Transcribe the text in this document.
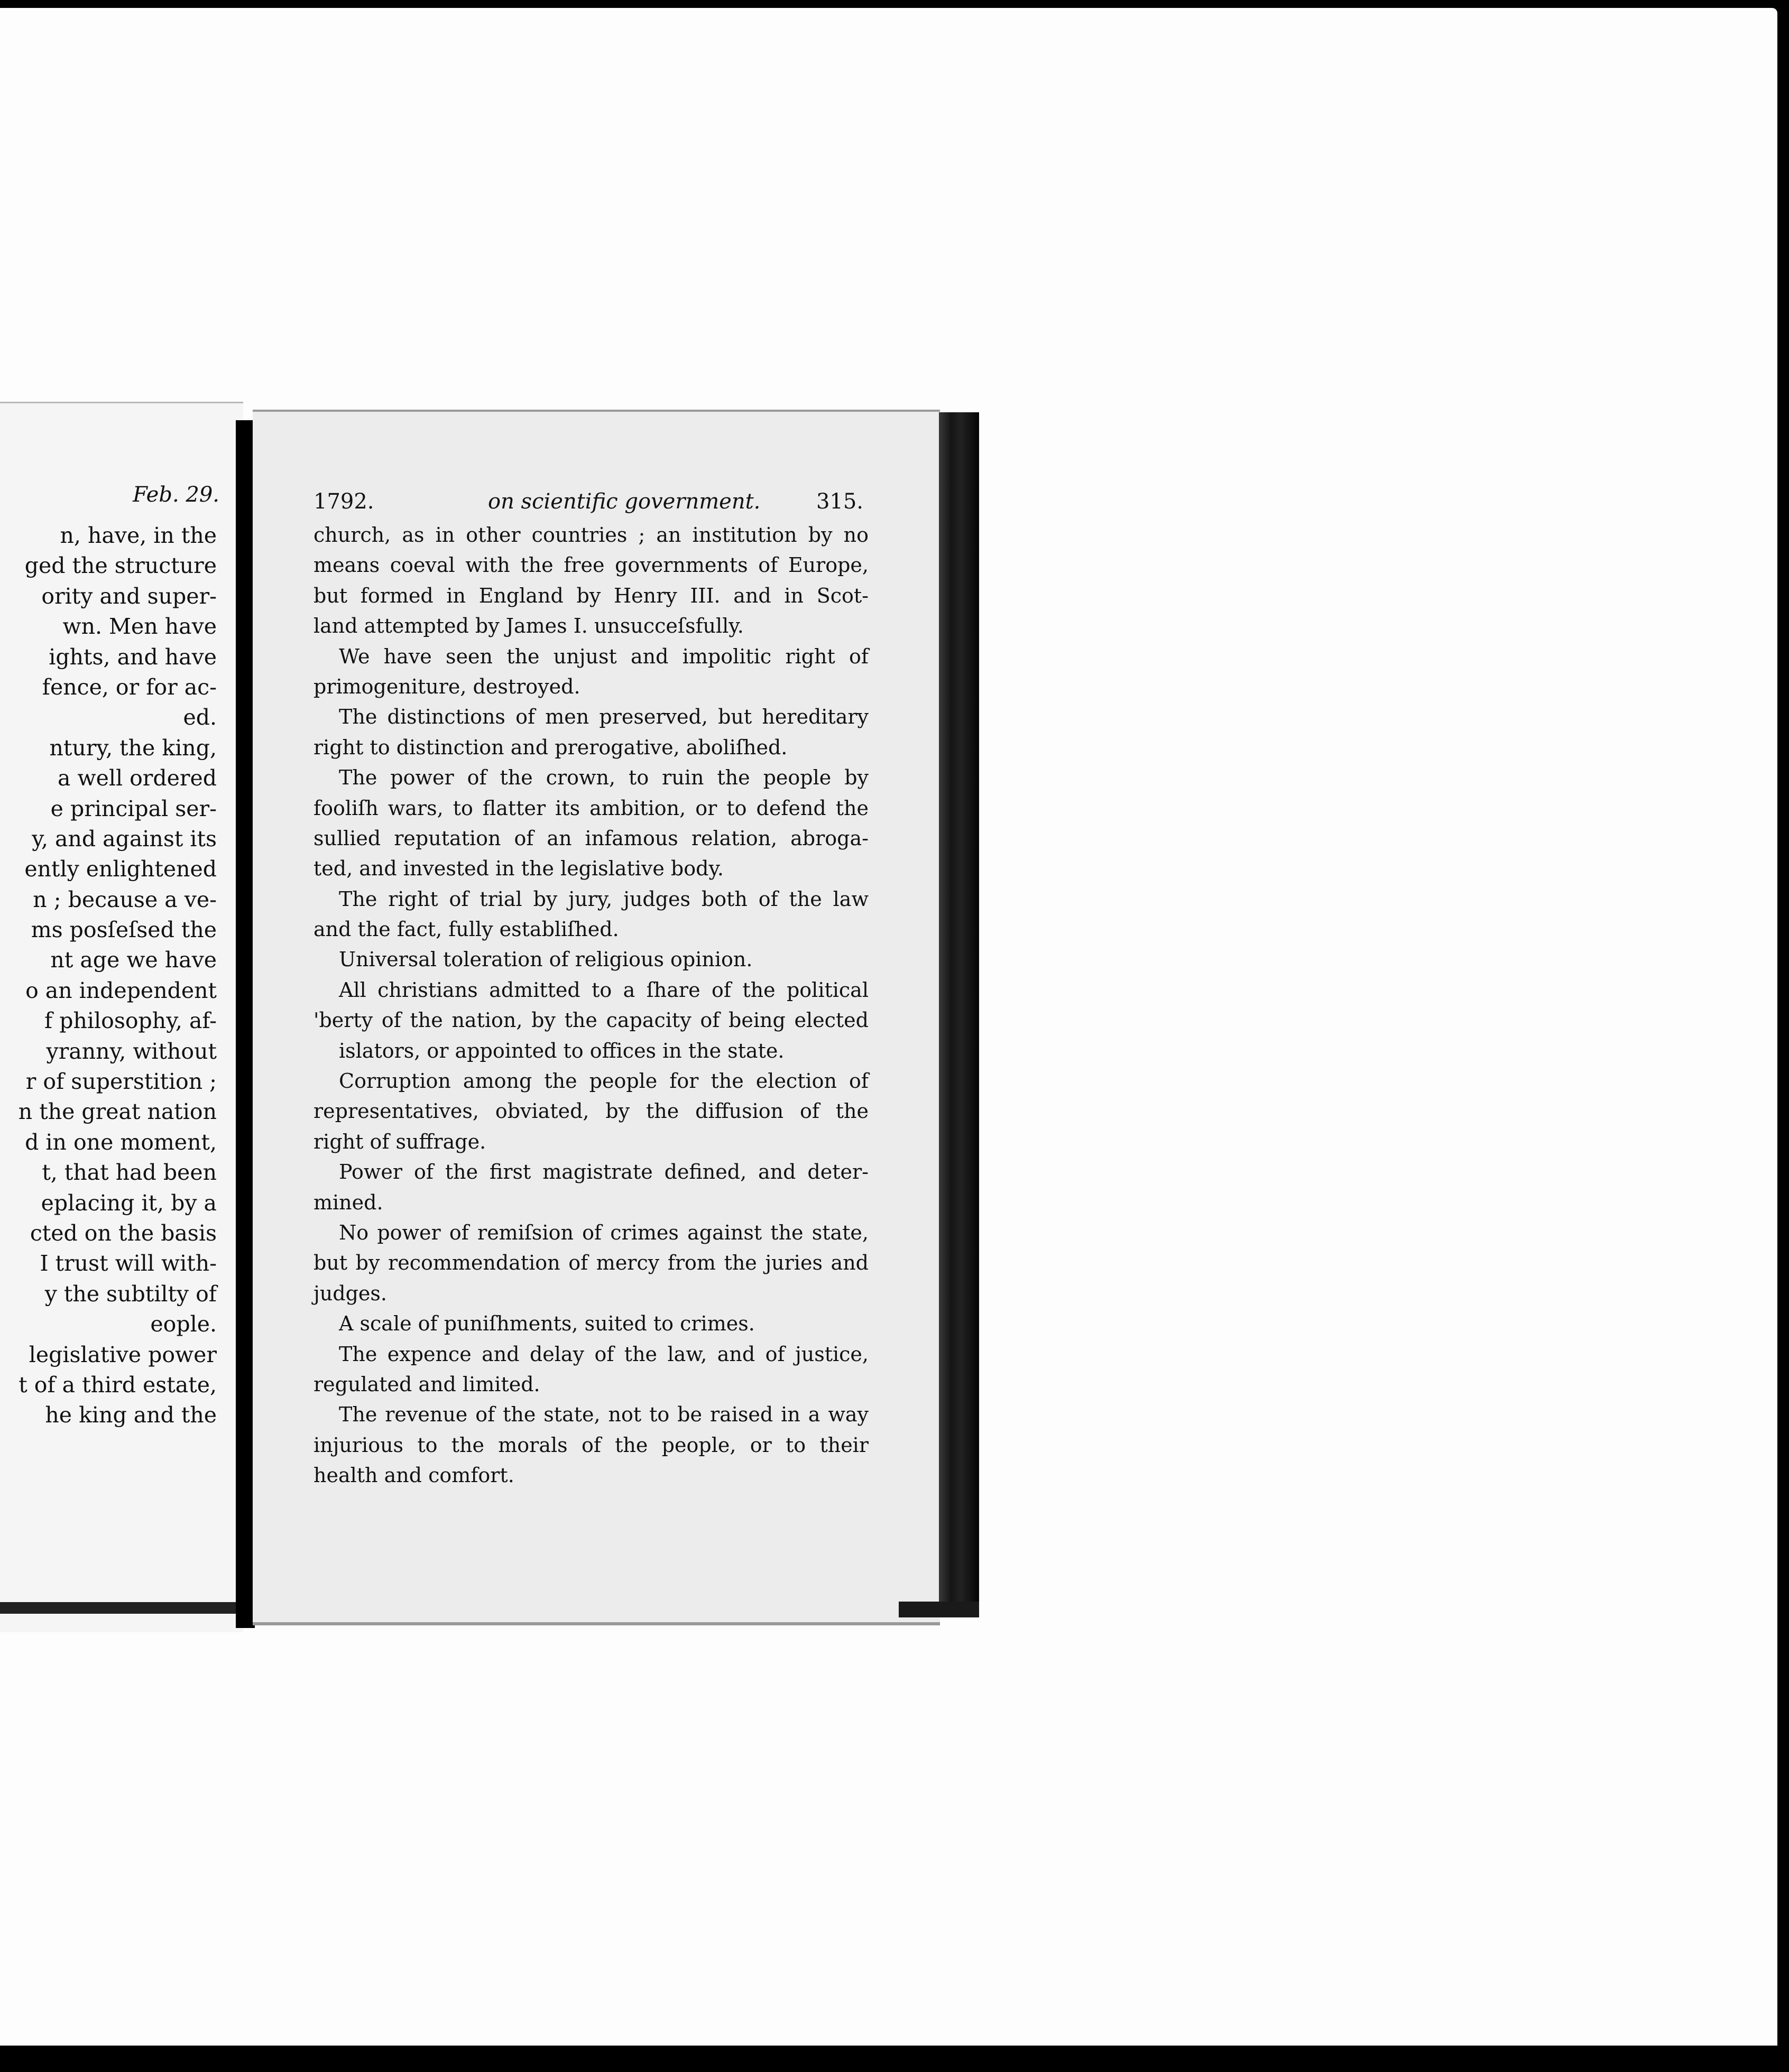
Feb. 29.
n, have, in the
ged the structure
ority and super-
wn. Men have
ights, and have
fence, or for ac-
ed.
ntury, the king,
a well ordered
e principal ser-
y, and against its
ently enlightened
n ; because a ve-
ms posſeſsed the
nt age we have
o an independent
f philosophy, af-
yranny, without
r of superstition ;
n the great nation
d in one moment,
t, that had been
eplacing it, by a
cted on the basis
I trust will with-
y the subtilty of
eople.
legislative power
t of a third estate,
he king and the
1792.	on scientific government.	315.
church, as in other countries ; an institution by no
means coeval with the free governments of Europe,
but formed in England by Henry III. and in Scot-
land attempted by James I. unsucceſsfully.
We have seen the unjust and impolitic right of
primogeniture, destroyed.
The distinctions of men preserved, but hereditary
right to distinction and prerogative, aboliſhed.
The power of the crown, to ruin the people by
fooliſh wars, to flatter its ambition, or to defend the
sullied reputation of an infamous relation, abroga-
ted, and invested in the legislative body.
The right of trial by jury, judges both of the law
and the fact, fully establiſhed.
Universal toleration of religious opinion.
All christians admitted to a ſhare of the political
'berty of the nation, by the capacity of being elected
islators, or appointed to offices in the state.
Corruption among the people for the election of
representatives, obviated, by the diffusion of the
right of suffrage.
Power of the first magistrate defined, and deter-
mined.
No power of remiſsion of crimes against the state,
but by recommendation of mercy from the juries and
judges.
A scale of puniſhments, suited to crimes.
The expence and delay of the law, and of justice,
regulated and limited.
The revenue of the state, not to be raised in a way
injurious to the morals of the people, or to their
health and comfort.
